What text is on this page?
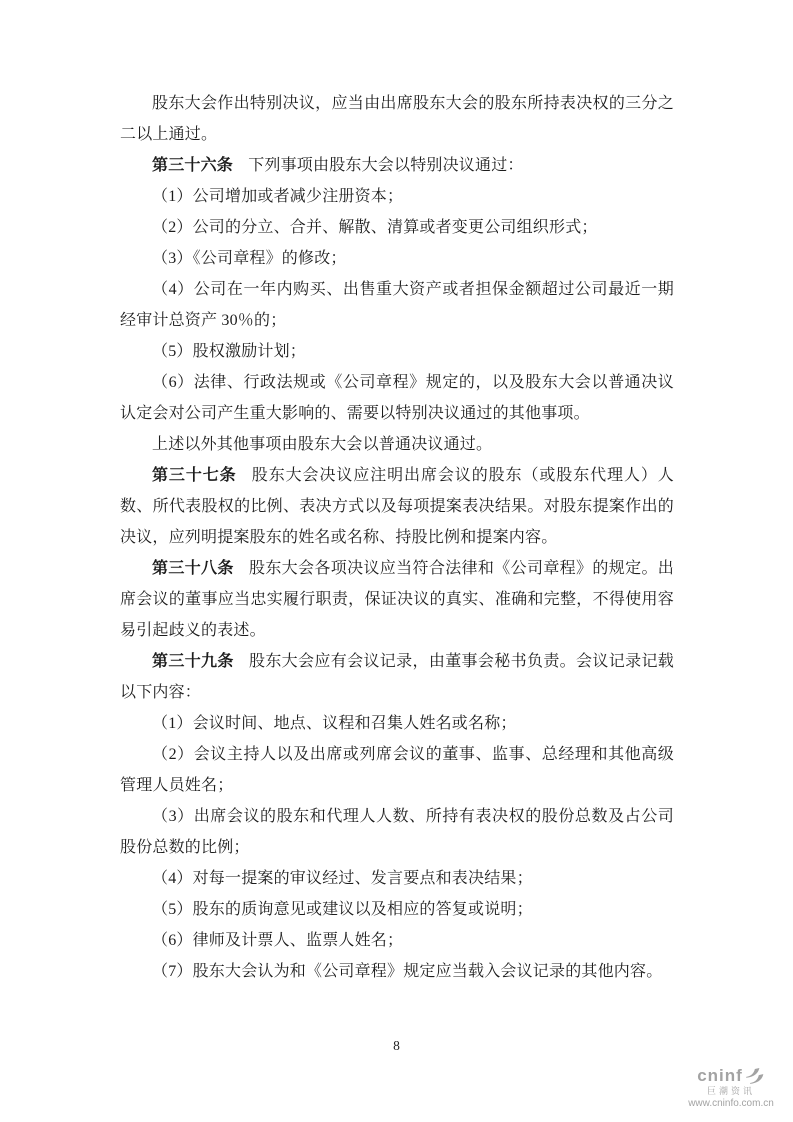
股东大会作出特别决议，应当由出席股东大会的股东所持表决权的三分之二以上通过。

第三十六条 下列事项由股东大会以特别决议通过：

（1）公司增加或者减少注册资本；

（2）公司的分立、合并、解散、清算或者变更公司组织形式；

（3）《公司章程》的修改；

（4）公司在一年内购买、出售重大资产或者担保金额超过公司最近一期经审计总资产 30％的；

（5）股权激励计划；

（6）法律、行政法规或《公司章程》规定的，以及股东大会以普通决议认定会对公司产生重大影响的、需要以特别决议通过的其他事项。

上述以外其他事项由股东大会以普通决议通过。

第三十七条 股东大会决议应注明出席会议的股东（或股东代理人）人数、所代表股权的比例、表决方式以及每项提案表决结果。对股东提案作出的决议，应列明提案股东的姓名或名称、持股比例和提案内容。

第三十八条 股东大会各项决议应当符合法律和《公司章程》的规定。出席会议的董事应当忠实履行职责，保证决议的真实、准确和完整，不得使用容易引起歧义的表述。

第三十九条 股东大会应有会议记录，由董事会秘书负责。会议记录记载以下内容：

（1）会议时间、地点、议程和召集人姓名或名称；

（2）会议主持人以及出席或列席会议的董事、监事、总经理和其他高级管理人员姓名；

（3）出席会议的股东和代理人人数、所持有表决权的股份总数及占公司股份总数的比例；

（4）对每一提案的审议经过、发言要点和表决结果；

（5）股东的质询意见或建议以及相应的答复或说明；

（6）律师及计票人、监票人姓名；

（7）股东大会认为和《公司章程》规定应当载入会议记录的其他内容。

8
cninf
巨潮资讯
www.cninfo.com.cn
